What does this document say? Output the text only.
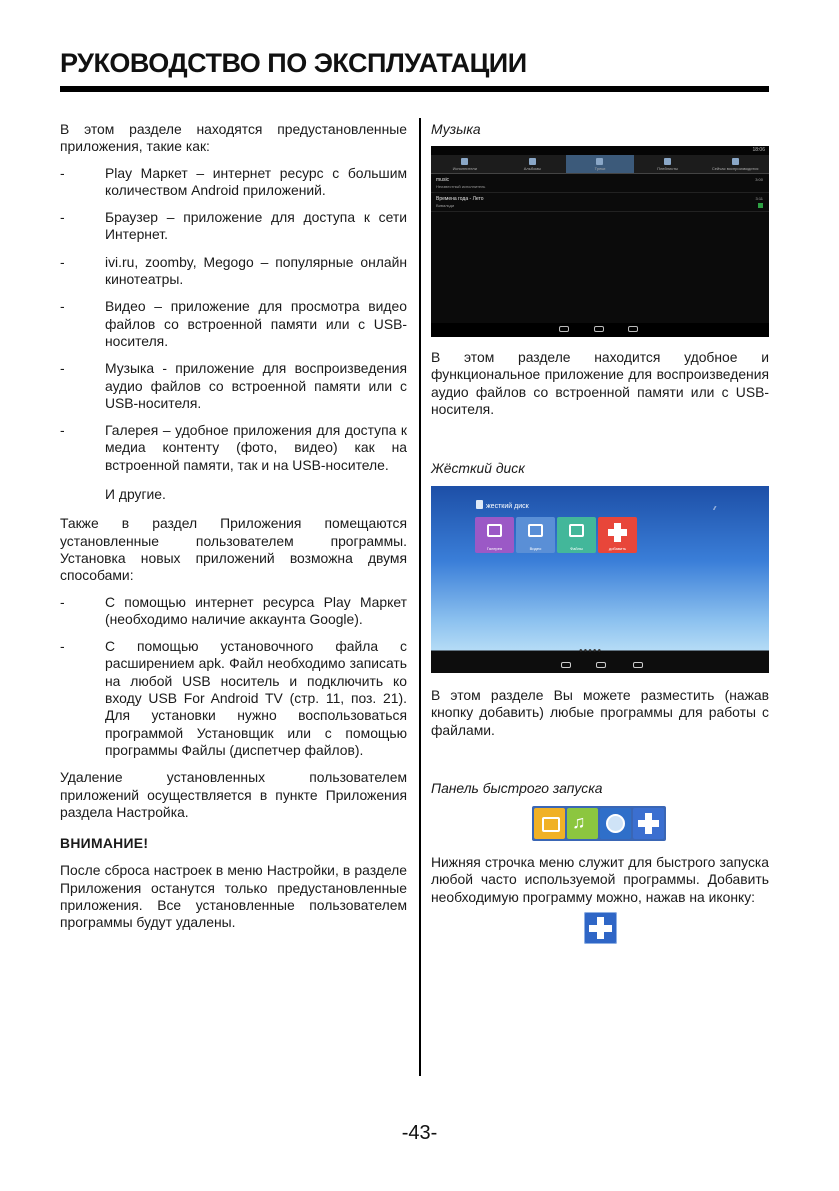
РУКОВОДСТВО ПО ЭКСПЛУАТАЦИИ

В этом разделе находятся предустановленные приложения, такие как:

-	Play Маркет – интернет ресурс с большим количеством Android приложений.
-	Браузер – приложение для доступа к сети Интернет.
-	ivi.ru, zoomby, Megogo – популярные онлайн кинотеатры.
-	Видео – приложение для просмотра видео файлов со встроенной памяти или с USB-носителя.
-	Музыка - приложение для воспроизведения аудио файлов со встроенной памяти или с USB-носителя.
-	Галерея – удобное приложения для доступа к медиа контенту (фото, видео) как на встроенной памяти, так и на USB-носителе.

И другие.

Также в раздел Приложения помещаются установленные пользователем программы. Установка новых приложений возможна двумя способами:

-	С помощью интернет ресурса Play Маркет (необходимо наличие аккаунта Google).
-	С помощью установочного файла с расширением apk. Файл необходимо записать на любой USB носитель и подключить ко входу USB For Android TV (стр. 11, поз. 21). Для установки нужно воспользоваться программой Установщик или с помощью программы Файлы (диспетчер файлов).

Удаление установленных пользователем приложений осуществляется в пункте Приложения раздела Настройка.

ВНИМАНИЕ!

После сброса настроек в меню Настройки, в разделе Приложения останутся только предустановленные приложения. Все установленные пользователем программы будут удалены.

Музыка
18:06
Исполнители	Альбомы	Треки	Плейлисты	Сейчас воспроизводится
music
Неизвестный исполнитель
3:00
Времена года - Лето
Вивальди
3:11
В этом разделе находится удобное и функциональное приложение для воспроизведения аудио файлов со встроенной памяти или с USB-носителя.
Жёсткий диск
жесткий диск	⁄⁄
Галерея	Видео	Файлы	добавить
●●●●●
В этом разделе Вы можете разместить (нажав кнопку добавить) любые программы для работы с файлами.
Панель быстрого запуска
♫
Нижняя строчка меню служит для быстрого запуска любой часто используемой программы. Добавить необходимую программу можно, нажав на иконку:
-43-
